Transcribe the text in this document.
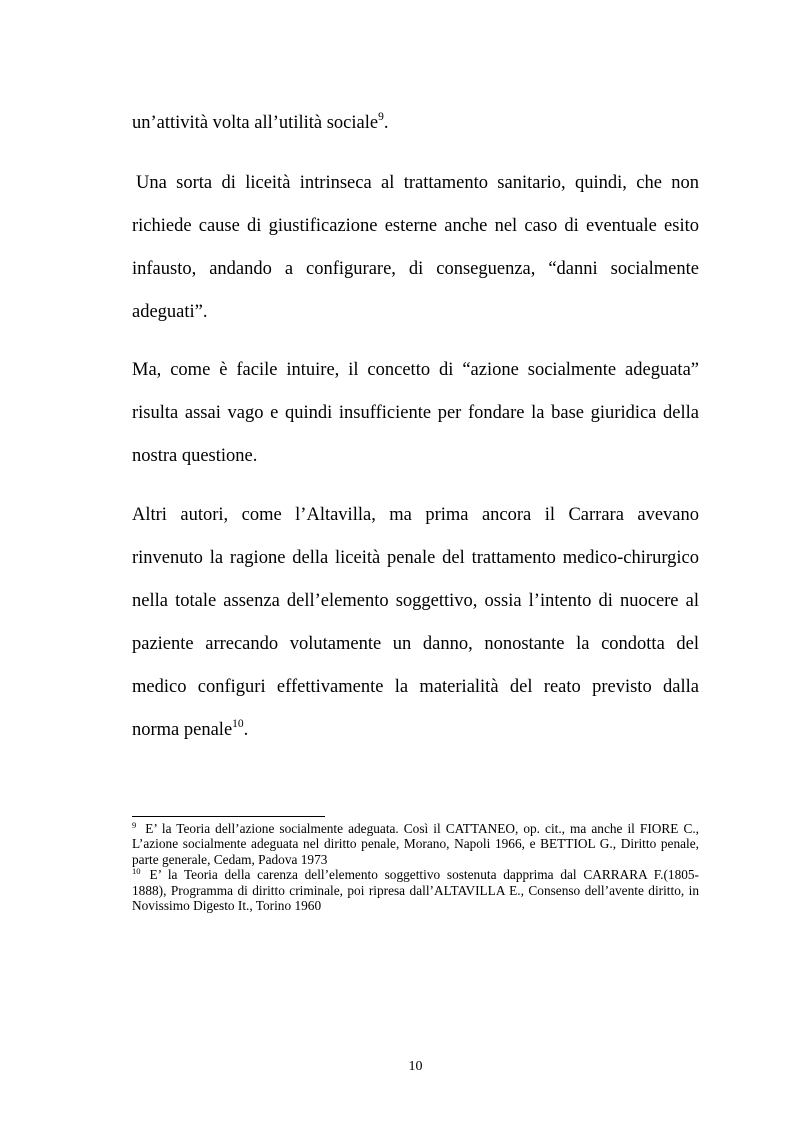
un’attività volta all’utilità sociale$^9$.
Una sorta di liceità intrinseca al trattamento sanitario, quindi, che non
richiede cause di giustificazione esterne anche nel caso di eventuale esito
infausto, andando a configurare, di conseguenza, “danni socialmente
adeguati”.
Ma, come è facile intuire, il concetto di “azione socialmente adeguata”
risulta assai vago e quindi insufficiente per fondare la base giuridica della
nostra questione.
Altri autori, come l’Altavilla, ma prima ancora il Carrara avevano
rinvenuto la ragione della liceità penale del trattamento medico-chirurgico
nella totale assenza dell’elemento soggettivo, ossia l’intento di nuocere al
paziente arrecando volutamente un danno, nonostante la condotta del
medico configuri effettivamente la materialità del reato previsto dalla
norma penale$^{10}$.
$^9$ E’ la Teoria dell’azione socialmente adeguata. Così il CATTANEO, op. cit., ma anche il FIORE C.,
L’azione socialmente adeguata nel diritto penale, Morano, Napoli 1966, e BETTIOL G., Diritto penale,
parte generale, Cedam, Padova 1973
$^{10}$ E’ la Teoria della carenza dell’elemento soggettivo sostenuta dapprima dal CARRARA F.(1805-
1888), Programma di diritto criminale, poi ripresa dall’ALTAVILLA E., Consenso dell’avente diritto, in
Novissimo Digesto It., Torino 1960
10
